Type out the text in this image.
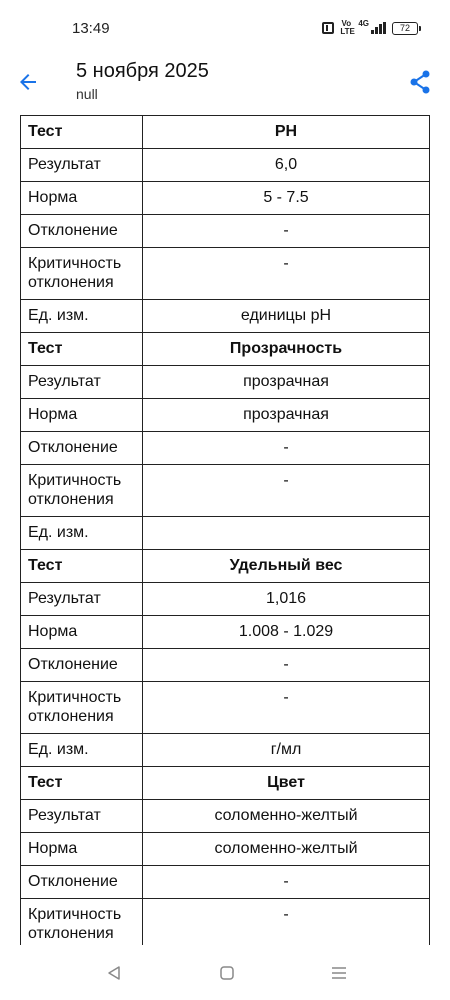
13:49	Vo LTE
4G	72
5 ноября 2025
null
Тест	PH
Результат	6,0
Норма	5 - 7.5
Отклонение	-
Критичность отклонения	-
Ед. изм.	единицы pH
Тест	Прозрачность
Результат	прозрачная
Норма	прозрачная
Отклонение	-
Критичность отклонения	-
Ед. изм.	
Тест	Удельный вес
Результат	1,016
Норма	1.008 - 1.029
Отклонение	-
Критичность отклонения	-
Ед. изм.	г/мл
Тест	Цвет
Результат	соломенно-желтый
Норма	соломенно-желтый
Отклонение	-
Критичность отклонения	-
